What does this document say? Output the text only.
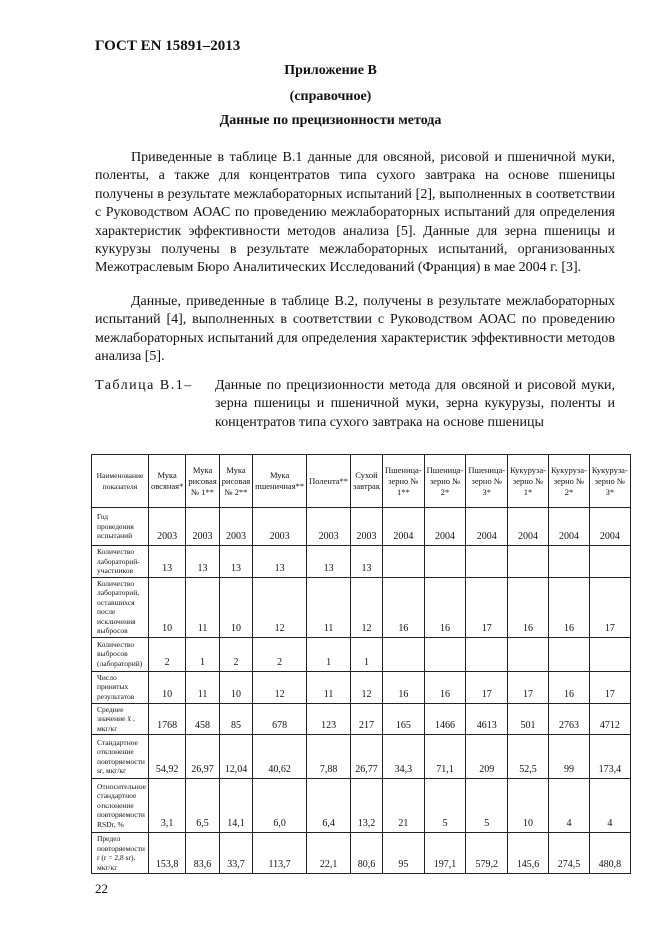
ГОСТ EN 15891–2013
Приложение В
(справочное)
Данные по прецизионности метода

Приведенные в таблице В.1 данные для овсяной, рисовой и пшеничной муки, поленты, а также для концентратов типа сухого завтрака на основе пшеницы получены в результате межлабораторных испытаний [2], выполненных в соответствии с Руководством АОАС по проведению межлабораторных испытаний для определения характеристик эффективности методов анализа [5]. Данные для зерна пшеницы и кукурузы получены в результате межлабораторных испытаний, организованных Межотраслевым Бюро Аналитических Исследований (Франция) в мае 2004 г. [3].

Данные, приведенные в таблице В.2, получены в результате межлабораторных испытаний [4], выполненных в соответствии с Руководством АОАС по проведению межлабораторных испытаний для определения характеристик эффективности методов анализа [5].

Таблица В.1– Данные по прецизионности метода для овсяной и рисовой муки, зерна пшеницы и пшеничной муки, зерна кукурузы, поленты и концентратов типа сухого завтрака на основе пшеницы
Наименование показателя	Мука овсяная*	Мука рисовая № 1**	Мука рисовая № 2**	Мука пшеничная**	Полента**	Сухой завтрак	Пшеница-зерно № 1**	Пшеница-зерно № 2*	Пшеница-зерно № 3*	Кукуруза-зерно № 1*	Кукуруза-зерно № 2*	Кукуруза-зерно № 3*
Год проведения испытаний	2003	2003	2003	2003	2003	2003	2004	2004	2004	2004	2004	2004
Количество лабораторий-участников	13	13	13	13	13	13						
Количество лабораторий, оставшихся после исключения выбросов	10	11	10	12	11	12	16	16	17	16	16	17
Количество выбросов (лабораторий)	2	1	2	2	1	1						
Число принятых результатов	10	11	10	12	11	12	16	16	17	17	16	17
Среднее значение x̄ , мкг/кг	1768	458	85	678	123	217	165	1466	4613	501	2763	4712
Стандартное отклонение повторяемости sr, мкг/кг	54,92	26,97	12,04	40,62	7,88	26,77	34,3	71,1	209	52,5	99	173,4
Относительное стандартное отклонение повторяемости RSDr, %	3,1	6,5	14,1	6,0	6,4	13,2	21	5	5	10	4	4
Предел повторяемости r (r = 2,8 sr), мкг/кг	153,8	83,6	33,7	113,7	22,1	80,6	95	197,1	579,2	145,6	274,5	480,8
22
